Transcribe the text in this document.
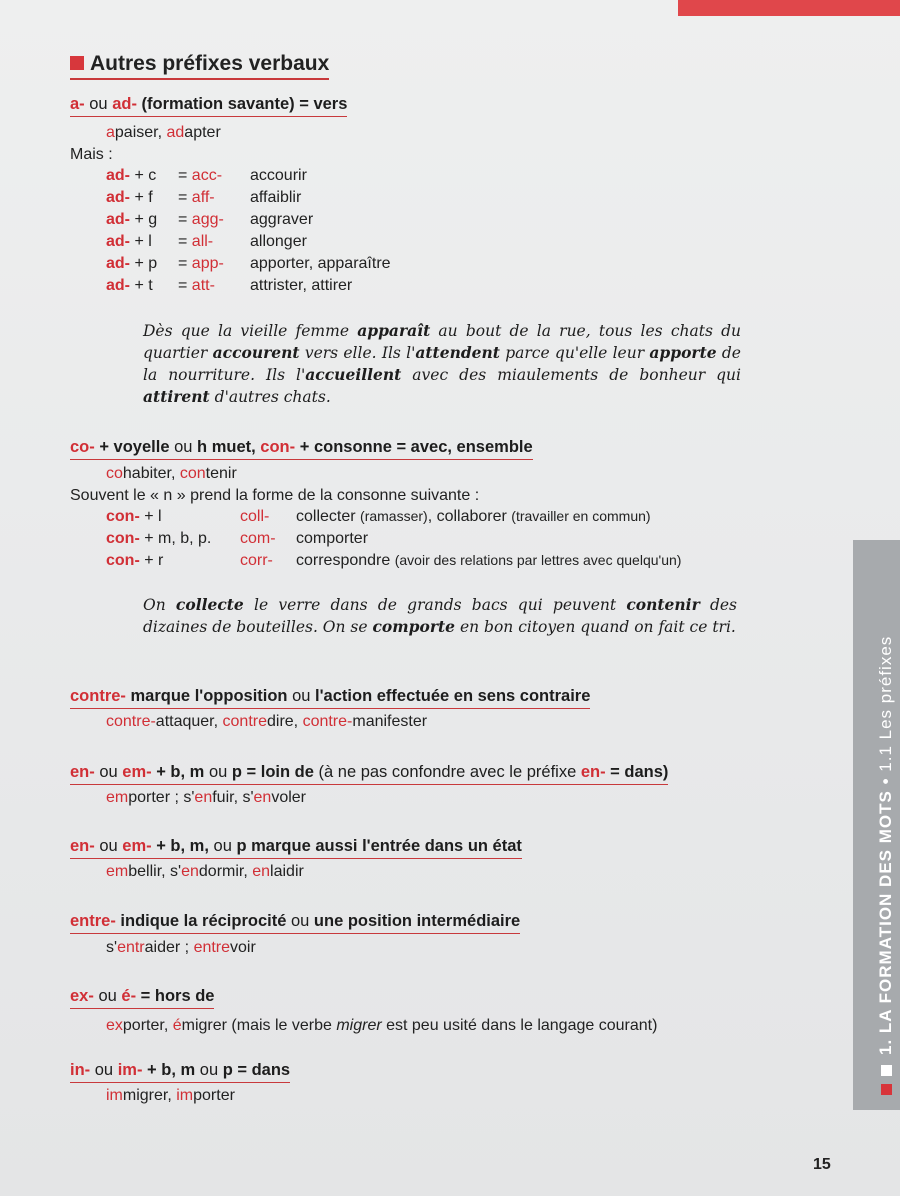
1. LA FORMATION DES MOTS • 1.1 Les préfixes
Autres préfixes verbaux
a- ou ad- (formation savante) = vers
apaiser, adapter
Mais :
ad- + c = acc- accourir
ad- + f = aff- affaiblir
ad- + g = agg- aggraver
ad- + l = all- allonger
ad- + p = app- apporter, apparaître
ad- + t = att- attrister, attirer
Dès que la vieille femme apparaît au bout de la rue, tous les chats du quartier accourent vers elle. Ils l'attendent parce qu'elle leur apporte de la nourriture. Ils l'accueillent avec des miaulements de bonheur qui attirent d'autres chats.
co- + voyelle ou h muet, con- + consonne = avec, ensemble
cohabiter, contenir
Souvent le « n » prend la forme de la consonne suivante :
con- + l	coll- collecter (ramasser), collaborer (travailler en commun)
con- + m, b, p. com- comporter
con- + r	corr- correspondre (avoir des relations par lettres avec quelqu'un)
On collecte le verre dans de grands bacs qui peuvent contenir des dizaines de bouteilles. On se comporte en bon citoyen quand on fait ce tri.
contre- marque l'opposition ou l'action effectuée en sens contraire
contre-attaquer, contredire, contre-manifester
en- ou em- + b, m ou p = loin de (à ne pas confondre avec le préfixe en- = dans)
emporter ; s'enfuir, s'envoler
en- ou em- + b, m, ou p marque aussi l'entrée dans un état
embellir, s'endormir, enlaidir
entre- indique la réciprocité ou une position intermédiaire
s'entraider ; entrevoir
ex- ou é- = hors de
exporter, émigrer (mais le verbe migrer est peu usité dans le langage courant)
in- ou im- + b, m ou p = dans
immigrer, importer
15
